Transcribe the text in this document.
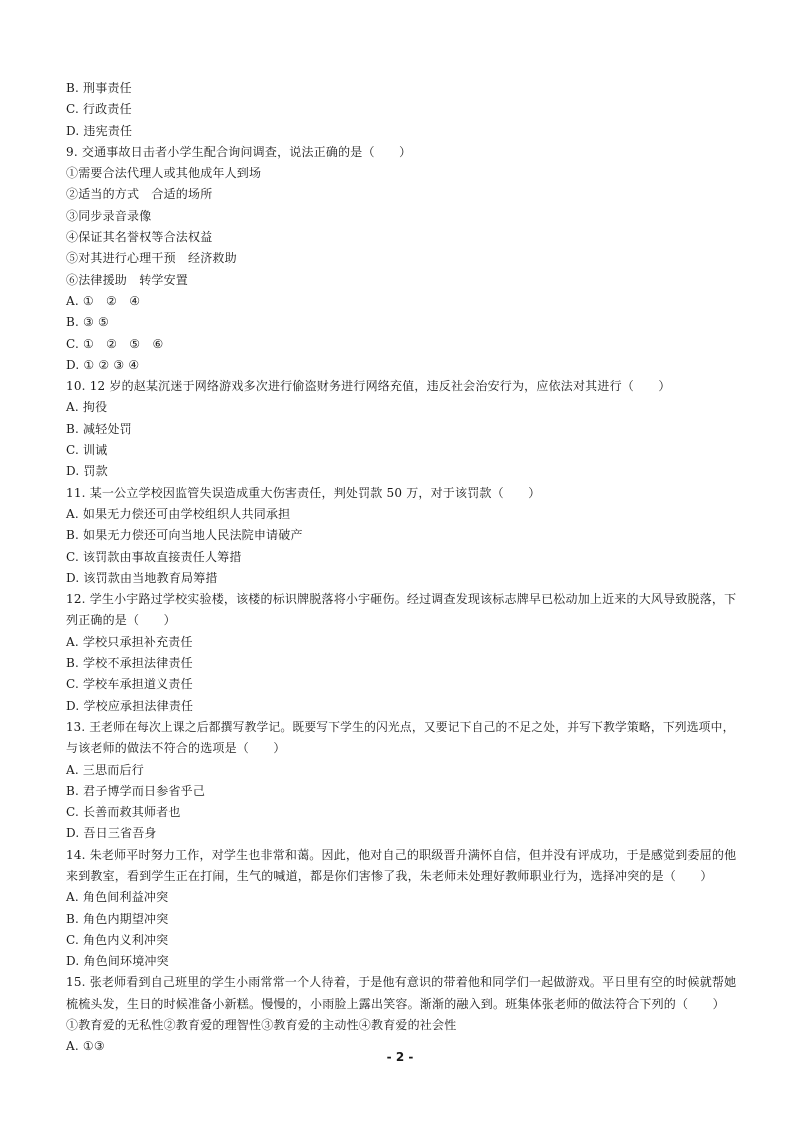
B. 刑事责任
C. 行政责任
D. 违宪责任
9. 交通事故日击者小学生配合询问调查，说法正确的是（　　）
①需要合法代理人或其他成年人到场
②适当的方式　合适的场所
③同步录音录像
④保证其名誉权等合法权益
⑤对其进行心理干预　经济救助
⑥法律援助　转学安置
A. ①　②　④
B. ③ ⑤
C. ①　②　⑤　⑥
D. ① ② ③ ④
10. 12 岁的赵某沉迷于网络游戏多次进行偷盗财务进行网络充值，违反社会治安行为，应依法对其进行（　　）
A. 拘役
B. 减轻处罚
C. 训诫
D. 罚款
11. 某一公立学校因监管失误造成重大伤害责任，判处罚款 50 万，对于该罚款（　　）
A. 如果无力偿还可由学校组织人共同承担
B. 如果无力偿还可向当地人民法院申请破产
C. 该罚款由事故直接责任人筹措
D. 该罚款由当地教育局筹措
12. 学生小宇路过学校实验楼，该楼的标识牌脱落将小宇砸伤。经过调查发现该标志牌早已松动加上近来的大风导致脱落，下
列正确的是（　　）
A. 学校只承担补充责任
B. 学校不承担法律责任
C. 学校车承担道义责任
D. 学校应承担法律责任
13. 王老师在每次上课之后都撰写教学记。既要写下学生的闪光点，又要记下自己的不足之处，并写下教学策略，下列选项中，
与该老师的做法不符合的选项是（　　）
A. 三思而后行
B. 君子博学而日参省乎己
C. 长善而救其师者也
D. 吾日三省吾身
14. 朱老师平时努力工作，对学生也非常和蔼。因此，他对自己的职级晋升满怀自信，但并没有评成功，于是感觉到委屈的他
来到教室，看到学生正在打闹，生气的喊道，都是你们害惨了我，朱老师未处理好教师职业行为，选择冲突的是（　　）
A. 角色间利益冲突
B. 角色内期望冲突
C. 角色内义利冲突
D. 角色间环境冲突
15. 张老师看到自己班里的学生小雨常常一个人待着，于是他有意识的带着他和同学们一起做游戏。平日里有空的时候就帮她
梳梳头发，生日的时候准备小新糕。慢慢的，小雨脸上露出笑容。渐渐的融入到。班集体张老师的做法符合下列的（　　）
①教育爱的无私性②教育爱的理智性③教育爱的主动性④教育爱的社会性
A. ①③
- 2 -
